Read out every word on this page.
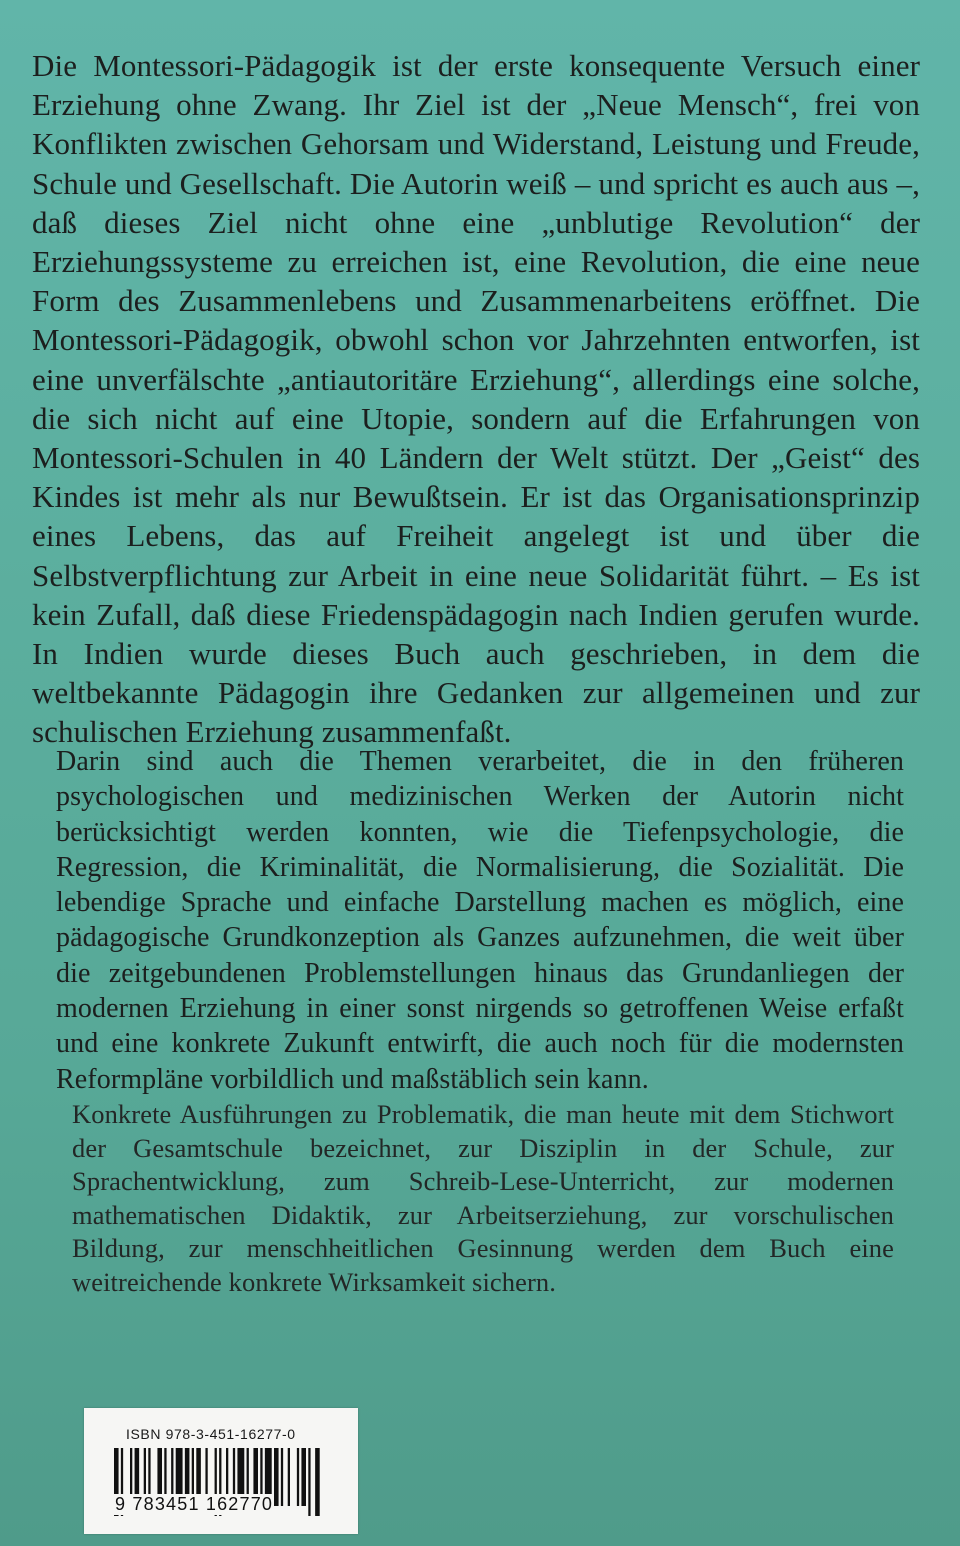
Die Montessori-Pädagogik ist der erste konsequente Versuch einer Erziehung ohne Zwang. Ihr Ziel ist der „Neue Mensch“, frei von Konflikten zwischen Gehorsam und Widerstand, Leistung und Freude, Schule und Gesellschaft. Die Autorin weiß – und spricht es auch aus –, daß dieses Ziel nicht ohne eine „unblutige Revolution“ der Erziehungssysteme zu erreichen ist, eine Revolution, die eine neue Form des Zusammenlebens und Zusammenarbeitens eröffnet. Die Montessori-Pädagogik, obwohl schon vor Jahrzehnten entworfen, ist eine unverfälschte „antiautoritäre Erziehung“, allerdings eine solche, die sich nicht auf eine Utopie, sondern auf die Erfahrungen von Montessori-Schulen in 40 Ländern der Welt stützt. Der „Geist“ des Kindes ist mehr als nur Bewußtsein. Er ist das Organisationsprinzip eines Lebens, das auf Freiheit angelegt ist und über die Selbstverpflichtung zur Arbeit in eine neue Solidarität führt. – Es ist kein Zufall, daß diese Friedenspädagogin nach Indien gerufen wurde. In Indien wurde dieses Buch auch geschrieben, in dem die weltbekannte Pädagogin ihre Gedanken zur allgemeinen und zur schulischen Erziehung zusammenfaßt.

Darin sind auch die Themen verarbeitet, die in den früheren psychologischen und medizinischen Werken der Autorin nicht berücksichtigt werden konnten, wie die Tiefenpsychologie, die Regression, die Kriminalität, die Normalisierung, die Sozialität. Die lebendige Sprache und einfache Darstellung machen es möglich, eine pädagogische Grundkonzeption als Ganzes aufzunehmen, die weit über die zeitgebundenen Problemstellungen hinaus das Grundanliegen der modernen Erziehung in einer sonst nirgends so getroffenen Weise erfaßt und eine konkrete Zukunft entwirft, die auch noch für die modernsten Reformpläne vorbildlich und maßstäblich sein kann.

Konkrete Ausführungen zu Problematik, die man heute mit dem Stichwort der Gesamtschule bezeichnet, zur Disziplin in der Schule, zur Sprachentwicklung, zum Schreib-Lese-Unterricht, zur modernen mathematischen Didaktik, zur Arbeitserziehung, zur vorschulischen Bildung, zur menschheitlichen Gesinnung werden dem Buch eine weitreichende konkrete Wirksamkeit sichern.

ISBN 978-3-451-16277-0
9 783451 162770
